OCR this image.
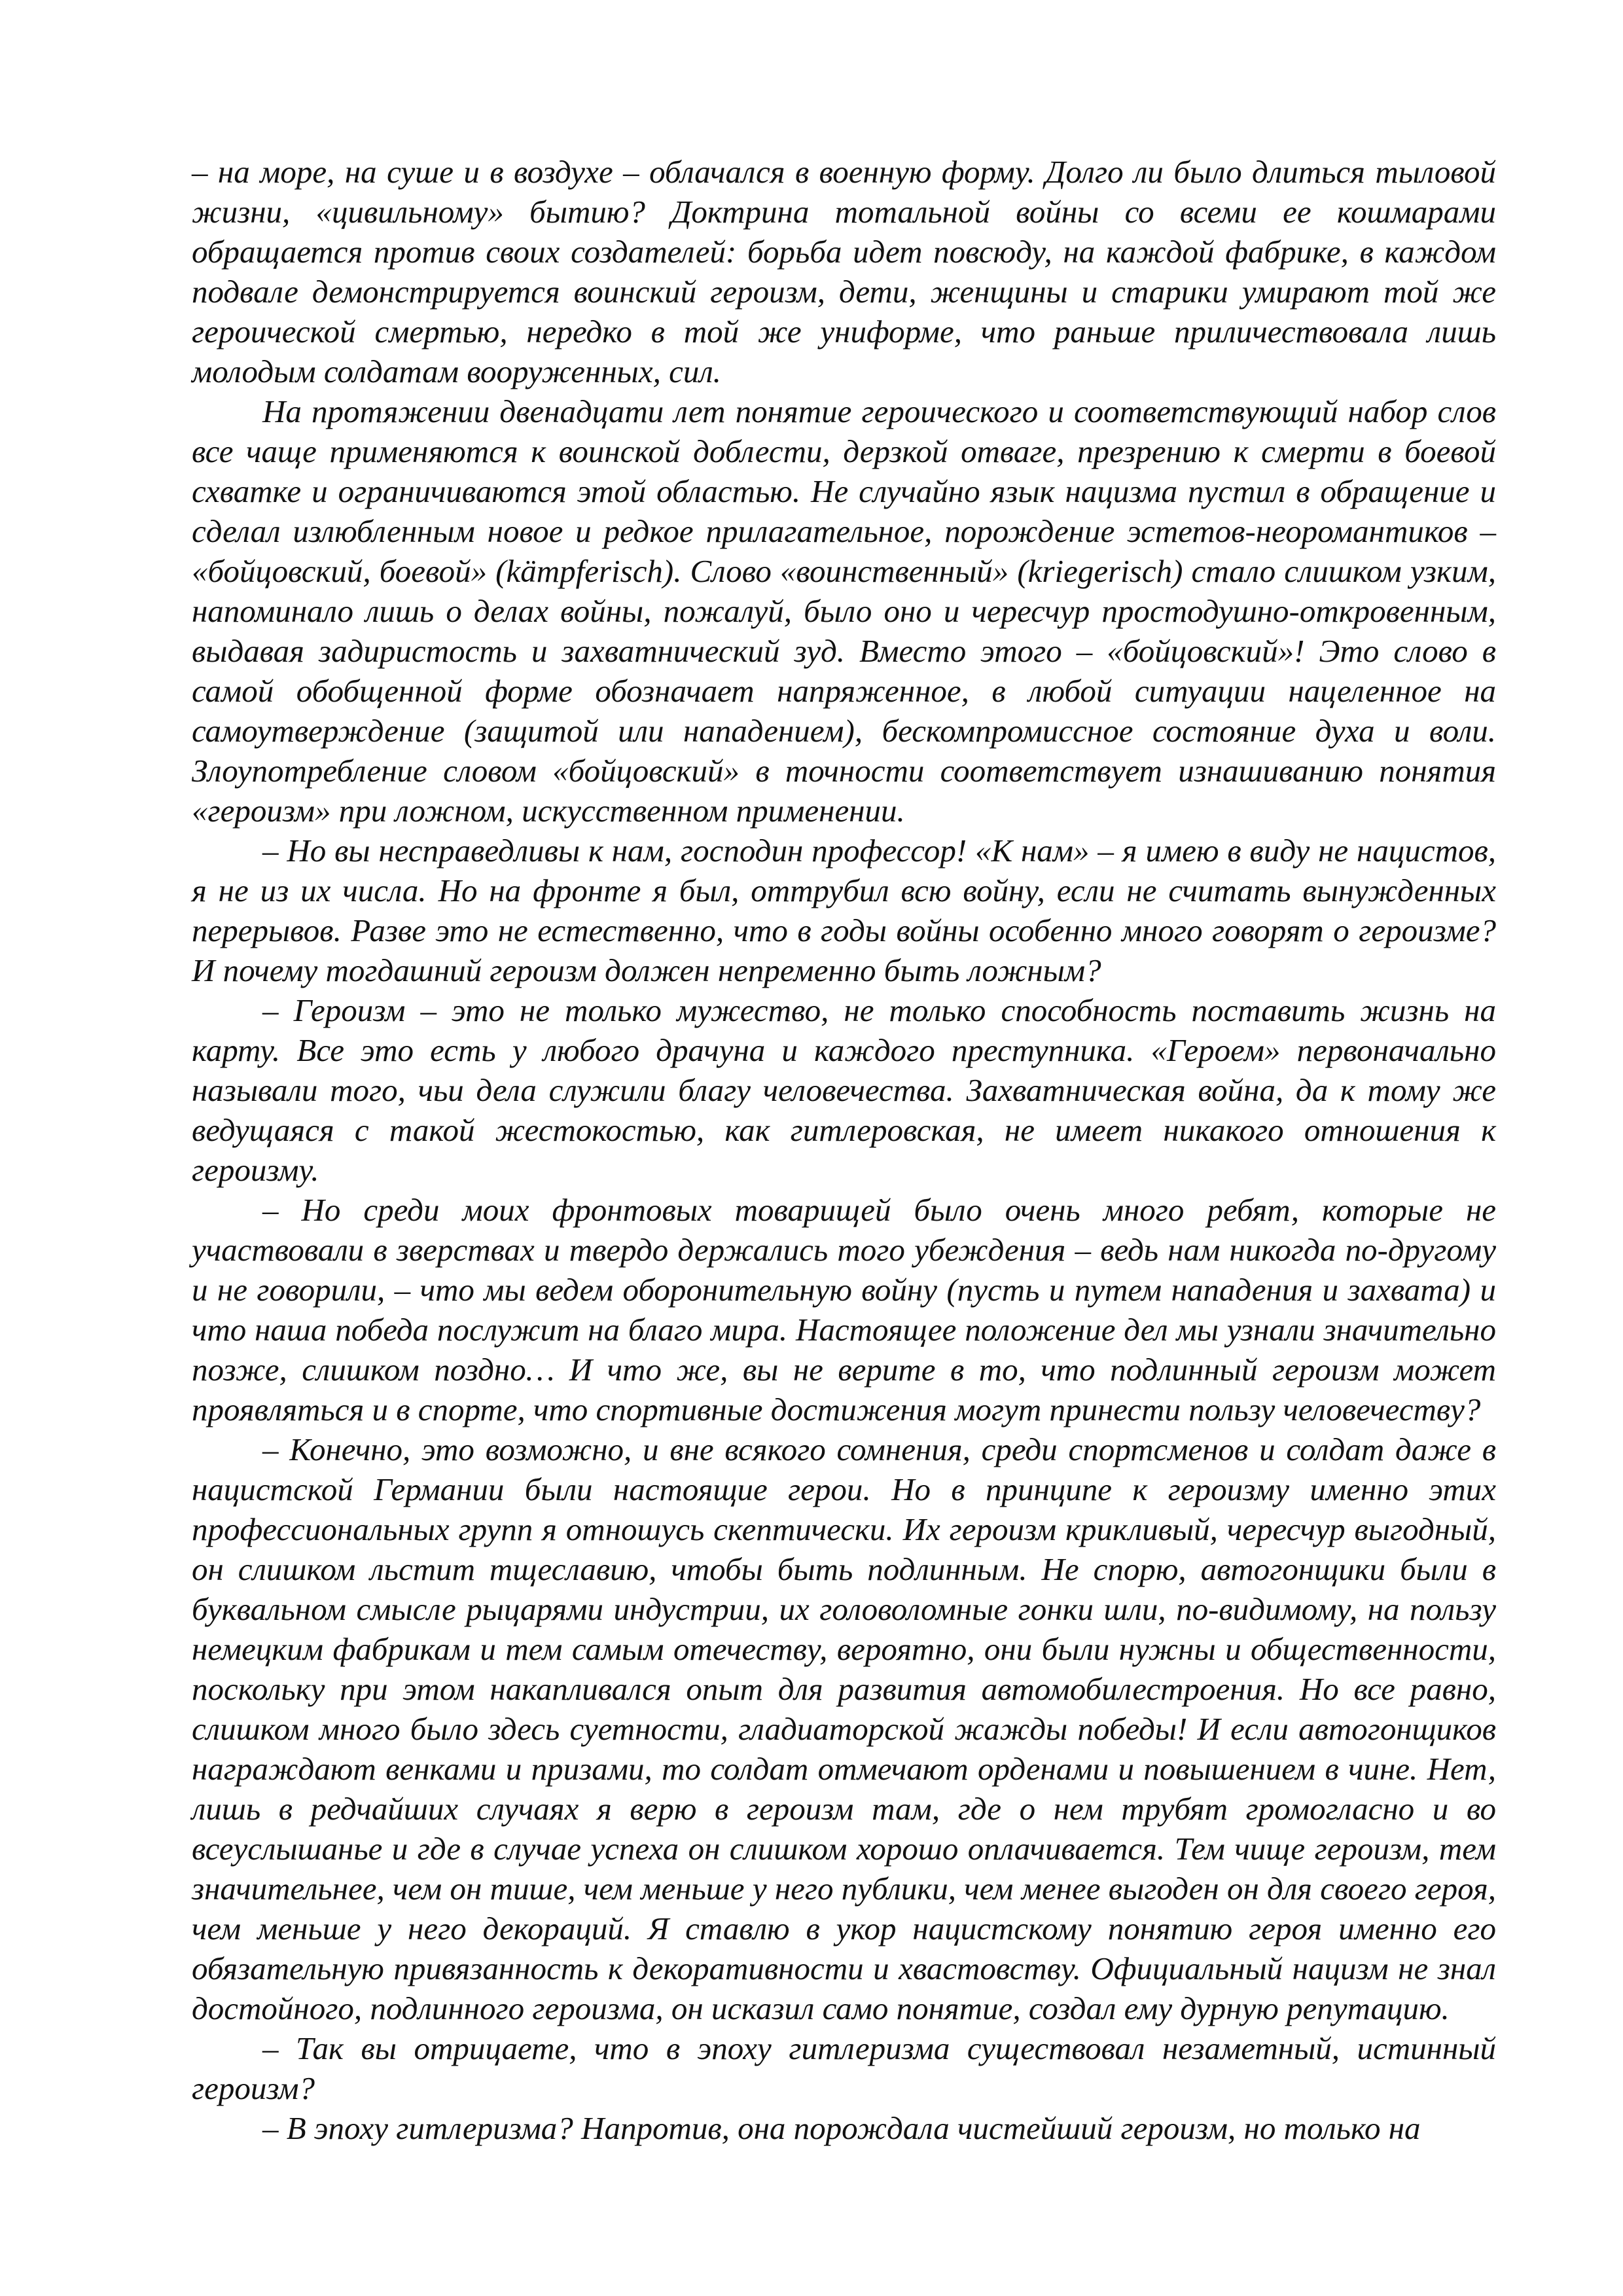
– на море, на суше и в воздухе – облачался в военную форму. Долго ли было длиться тыловой жизни, «цивильному» бытию? Доктрина тотальной войны со всеми ее кошмарами обращается против своих создателей: борьба идет повсюду, на каждой фабрике, в каждом подвале демонстрируется воинский героизм, дети, женщины и старики умирают той же героической смертью, нередко в той же униформе, что раньше приличествовала лишь молодым солдатам вооруженных, сил.

На протяжении двенадцати лет понятие героического и соответствующий набор слов все чаще применяются к воинской доблести, дерзкой отваге, презрению к смерти в боевой схватке и ограничиваются этой областью. Не случайно язык нацизма пустил в обращение и сделал излюбленным новое и редкое прилагательное, порождение эстетов-неоромантиков – «бойцовский, боевой» (kämpferisch). Слово «воинственный» (kriegerisch) стало слишком узким, напоминало лишь о делах войны, пожалуй, было оно и чересчур простодушно-откровенным, выдавая задиристость и захватнический зуд. Вместо этого – «бойцовский»! Это слово в самой обобщенной форме обозначает напряженное, в любой ситуации нацеленное на самоутверждение (защитой или нападением), бескомпромиссное состояние духа и воли. Злоупотребление словом «бойцовский» в точности соответствует изнашиванию понятия «героизм» при ложном, искусственном применении.

– Но вы несправедливы к нам, господин профессор! «К нам» – я имею в виду не нацистов, я не из их числа. Но на фронте я был, оттрубил всю войну, если не считать вынужденных перерывов. Разве это не естественно, что в годы войны особенно много говорят о героизме? И почему тогдашний героизм должен непременно быть ложным?

– Героизм – это не только мужество, не только способность поставить жизнь на карту. Все это есть у любого драчуна и каждого преступника. «Героем» первоначально называли того, чьи дела служили благу человечества. Захватническая война, да к тому же ведущаяся с такой жестокостью, как гитлеровская, не имеет никакого отношения к героизму.

– Но среди моих фронтовых товарищей было очень много ребят, которые не участвовали в зверствах и твердо держались того убеждения – ведь нам никогда по-другому и не говорили, – что мы ведем оборонительную войну (пусть и путем нападения и захвата) и что наша победа послужит на благо мира. Настоящее положение дел мы узнали значительно позже, слишком поздно… И что же, вы не верите в то, что подлинный героизм может проявляться и в спорте, что спортивные достижения могут принести пользу человечеству?

– Конечно, это возможно, и вне всякого сомнения, среди спортсменов и солдат даже в нацистской Германии были настоящие герои. Но в принципе к героизму именно этих профессиональных групп я отношусь скептически. Их героизм крикливый, чересчур выгодный, он слишком льстит тщеславию, чтобы быть подлинным. Не спорю, автогонщики были в буквальном смысле рыцарями индустрии, их головоломные гонки шли, по-видимому, на пользу немецким фабрикам и тем самым отечеству, вероятно, они были нужны и общественности, поскольку при этом накапливался опыт для развития автомобилестроения. Но все равно, слишком много было здесь суетности, гладиаторской жажды победы! И если автогонщиков награждают венками и призами, то солдат отмечают орденами и повышением в чине. Нет, лишь в редчайших случаях я верю в героизм там, где о нем трубят громогласно и во всеуслышанье и где в случае успеха он слишком хорошо оплачивается. Тем чище героизм, тем значительнее, чем он тише, чем меньше у него публики, чем менее выгоден он для своего героя, чем меньше у него декораций. Я ставлю в укор нацистскому понятию героя именно его обязательную привязанность к декоративности и хвастовству. Официальный нацизм не знал достойного, подлинного героизма, он исказил само понятие, создал ему дурную репутацию.

– Так вы отрицаете, что в эпоху гитлеризма существовал незаметный, истинный героизм?

– В эпоху гитлеризма? Напротив, она порождала чистейший героизм, но только на
